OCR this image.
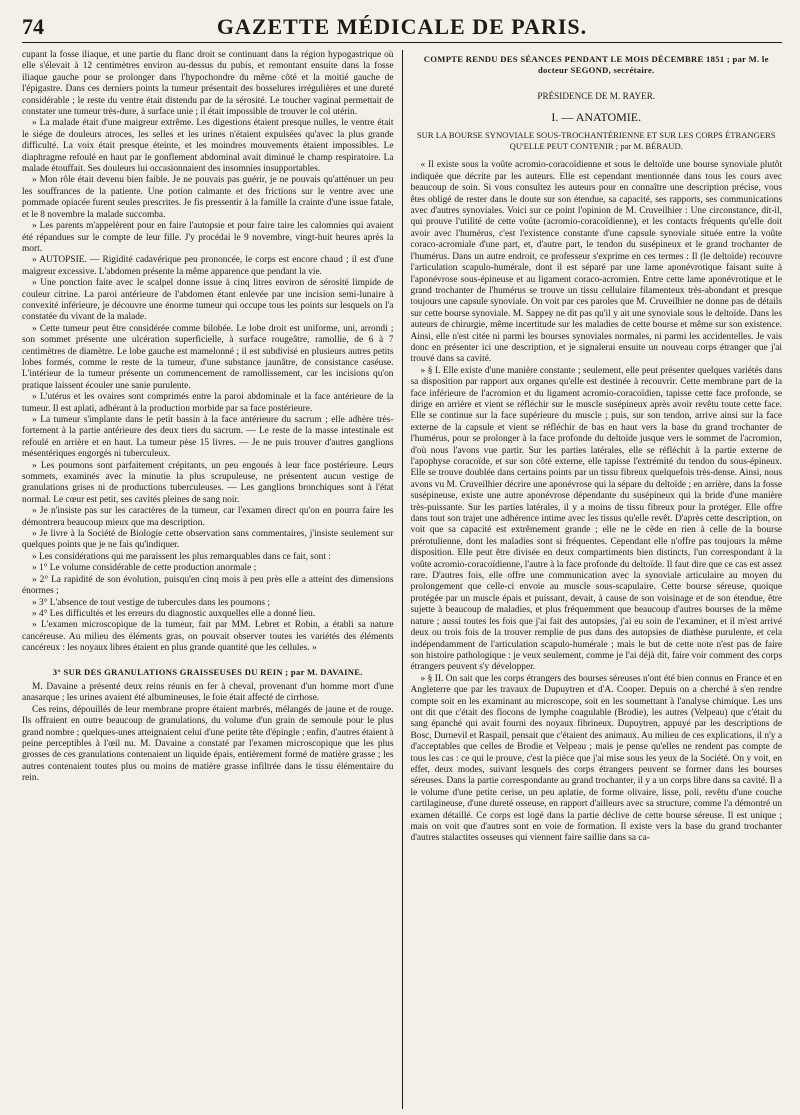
74	GAZETTE MÉDICALE DE PARIS.

cupant la fosse iliaque, et une partie du flanc droit se continuant dans la région hypogastrique où elle s'élevait à 12 centimètres environ au-dessus du pubis, et remontant ensuite dans la fosse iliaque gauche pour se prolonger dans l'hypochondre du même côté et la moitié gauche de l'épigastre. Dans ces derniers points la tumeur présentait des bosselures irrégulières et une dureté considérable ; le reste du ventre était distendu par de la sérosité. Le toucher vaginal permettait de constater une tumeur très-dure, à surface unie ; il était impossible de trouver le col utérin.

» La malade était d'une maigreur extrême. Les digestions étaient presque nulles, le ventre était le siége de douleurs atroces, les selles et les urines n'étaient expulsées qu'avec la plus grande difficulté. La voix était presque éteinte, et les moindres mouvements étaient impossibles. Le diaphragme refoulé en haut par le gonflement abdominal avait diminué le champ respiratoire. La malade étouffait. Ses douleurs lui occasionnaient des insomnies insupportables.

» Mon rôle était devenu bien faible. Je ne pouvais pas guérir, je ne pouvais qu'atténuer un peu les souffrances de la patiente. Une potion calmante et des frictions sur le ventre avec une pommade opiacée furent seules prescrites. Je fis pressentir à la famille la crainte d'une issue fatale, et le 8 novembre la malade succomba.

» Les parents m'appelèrent pour en faire l'autopsie et pour faire taire les calomnies qui avaient été répandues sur le compte de leur fille. J'y procédai le 9 novembre, vingt-huit heures après la mort.

» AUTOPSIE. — Rigidité cadavérique peu prononcée, le corps est encore chaud ; il est d'une maigreur excessive. L'abdomen présente la même apparence que pendant la vie.

» Une ponction faite avec le scalpel donne issue à cinq litres environ de sérosité limpide de couleur citrine. La paroi antérieure de l'abdomen étant enlevée par une incision semi-lunaire à convexité inférieure, je découvre une énorme tumeur qui occupe tous les points sur lesquels on l'a constatée du vivant de la malade.

» Cette tumeur peut être considérée comme bilobée. Le lobe droit est uniforme, uni, arrondi ; son sommet présente une ulcération superficielle, à surface rougeâtre, ramollie, de 6 à 7 centimètres de diamètre. Le lobe gauche est mamelonné ; il est subdivisé en plusieurs autres petits lobes formés, comme le reste de la tumeur, d'une substance jaunâtre, de consistance caséuse. L'intérieur de la tumeur présente un commencement de ramollissement, car les incisions qu'on pratique laissent écouler une sanie purulente.

» L'utérus et les ovaires sont comprimés entre la paroi abdominale et la face antérieure de la tumeur. Il est aplati, adhérant à la production morbide par sa face postérieure.

» La tumeur s'implante dans le petit bassin à la face antérieure du sacrum ; elle adhère très-fortement à la partie antérieure des deux tiers du sacrum. — Le reste de la masse intestinale est refoulé en arrière et en haut. La tumeur pèse 15 livres. — Je ne puis trouver d'autres ganglions mésentériques engorgés ni tuberculeux.

» Les poumons sont parfaitement crépitants, un peu engoués à leur face postérieure. Leurs sommets, examinés avec la minutie la plus scrupuleuse, ne présentent aucun vestige de granulations grises ni de productions tuberculeuses. — Les ganglions bronchiques sont à l'état normal. Le cœur est petit, ses cavités pleines de sang noir.

» Je n'insiste pas sur les caractères de la tumeur, car l'examen direct qu'on en pourra faire les démontrera beaucoup mieux que ma description.

» Je livre à la Société de Biologie cette observation sans commentaires, j'insiste seulement sur quelques points que je ne fais qu'indiquer.

» Les considérations qui me paraissent les plus remarquables dans ce fait, sont :

» 1° Le volume considérable de cette production anormale ;

» 2° La rapidité de son évolution, puisqu'en cinq mois à peu près elle a atteint des dimensions énormes ;

» 3° L'absence de tout vestige de tubercules dans les poumons ;

» 4° Les difficultés et les erreurs du diagnostic auxquelles elle a donné lieu.

» L'examen microscopique de la tumeur, fait par MM. Lebret et Robin, a établi sa nature cancéreuse. Au milieu des éléments gras, on pouvait observer toutes les variétés des éléments cancéreux : les noyaux libres étaient en plus grande quantité que les cellules. »

3° SUR DES GRANULATIONS GRAISSEUSES DU REIN ; par M. DAVAINE.

M. Davaine a présenté deux reins réunis en fer à cheval, provenant d'un homme mort d'une anasarque ; les urines avaient été albumineuses, le foie était affecté de cirrhose.

Ces reins, dépouillés de leur membrane propre étaient marbrés, mélangés de jaune et de rouge. Ils offraient en outre beaucoup de granulations, du volume d'un grain de semoule pour le plus grand nombre ; quelques-unes atteignaient celui d'une petite tête d'épingle ; enfin, d'autres étaient à peine perceptibles à l'œil nu. M. Davaine a constaté par l'examen microscopique que les plus grosses de ces granulations contenaient un liquide épais, entièrement formé de matière grasse ; les autres contenaient toutes plus ou moins de matière grasse infiltrée dans le tissu élémentaire du rein.

COMPTE RENDU DES SÉANCES PENDANT LE MOIS DÉCEMBRE 1851 ; par M. le docteur SEGOND, secrétaire.

PRÉSIDENCE DE M. RAYER.

I. — ANATOMIE.

SUR LA BOURSE SYNOVIALE SOUS-TROCHANTÉRIENNE ET SUR LES CORPS ÉTRANGERS QU'ELLE PEUT CONTENIR ; par M. BÉRAUD.

« Il existe sous la voûte acromio-coracoïdienne et sous le deltoïde une bourse synoviale plutôt indiquée que décrite par les auteurs. Elle est cependant mentionnée dans tous les cours avec beaucoup de soin. Si vous consultez les auteurs pour en connaître une description précise, vous êtes obligé de rester dans le doute sur son étendue, sa capacité, ses rapports, ses communications avec d'autres synoviales. Voici sur ce point l'opinion de M. Cruveilhier : Une circonstance, dit-il, qui prouve l'utilité de cette voûte (acromio-coracoïdienne), et les contacts fréquents qu'elle doit avoir avec l'humérus, c'est l'existence constante d'une capsule synoviale située entre la voûte coraco-acromiale d'une part, et, d'autre part, le tendon du susépineux et le grand trochanter de l'humérus. Dans un autre endroit, ce professeur s'exprime en ces termes : Il (le deltoïde) recouvre l'articulation scapulo-humérale, dont il est séparé par une lame aponévrotique faisant suite à l'aponévrose sous-épineuse et au ligament coraco-acromien. Entre cette lame aponévrotique et le grand trochanter de l'humérus se trouve un tissu cellulaire filamenteux très-abondant et presque toujours une capsule synoviale. On voit par ces paroles que M. Cruveilhier ne donne pas de détails sur cette bourse synoviale. M. Sappey ne dit pas qu'il y ait une synoviale sous le deltoïde. Dans les auteurs de chirurgie, même incertitude sur les maladies de cette bourse et même sur son existence. Ainsi, elle n'est citée ni parmi les bourses synoviales normales, ni parmi les accidentelles. Je vais donc en présenter ici une description, et je signalerai ensuite un nouveau corps étranger que j'ai trouvé dans sa cavité.

» § I. Elle existe d'une manière constante ; seulement, elle peut présenter quelques variétés dans sa disposition par rapport aux organes qu'elle est destinée à recouvrir. Cette membrane part de la face inférieure de l'acromion et du ligament acromio-coracoïdien, tapisse cette face profonde, se dirige en arrière et vient se réfléchir sur le muscle susépineux après avoir revêtu toute cette face. Elle se continue sur la face supérieure du muscle ; puis, sur son tendon, arrive ainsi sur la face externe de la capsule et vient se réfléchir de bas en haut vers la base du grand trochanter de l'humérus, pour se prolonger à la face profonde du deltoïde jusque vers le sommet de l'acromion, d'où nous l'avons vue partir. Sur les parties latérales, elle se réfléchit à la partie externe de l'apophyse coracoïde, et sur son côté externe, elle tapisse l'extrémité du tendon du sous-épineux. Elle se trouve doublée dans certains points par un tissu fibreux quelquefois très-dense. Ainsi, nous avons vu M. Cruveilhier décrire une aponévrose qui la sépare du deltoïde ; en arrière, dans la fosse susépineuse, existe une autre aponévrose dépendante du susépineux qui la bride d'une manière très-puissante. Sur les parties latérales, il y a moins de tissu fibreux pour la protéger. Elle offre dans tout son trajet une adhérence intime avec les tissus qu'elle revêt. D'après cette description, on voit que sa capacité est extrêmement grande ; elle ne le cède en rien à celle de la bourse prérotulienne, dont les maladies sont si fréquentes. Cependant elle n'offre pas toujours la même disposition. Elle peut être divisée en deux compartiments bien distincts, l'un correspondant à la voûte acromio-coracoïdienne, l'autre à la face profonde du deltoïde. Il faut dire que ce cas est assez rare. D'autres fois, elle offre une communication avec la synoviale articulaire au moyen du prolongement que celle-ci envoie au muscle sous-scapulaire. Cette bourse séreuse, quoique protégée par un muscle épais et puissant, devait, à cause de son voisinage et de son étendue, être sujette à beaucoup de maladies, et plus fréquemment que beaucoup d'autres bourses de la même nature ; aussi toutes les fois que j'ai fait des autopsies, j'ai eu soin de l'examiner, et il m'est arrivé deux ou trois fois de la trouver remplie de pus dans des autopsies de diathèse purulente, et cela indépendamment de l'articulation scapulo-humérale ; mais le but de cette note n'est pas de faire son histoire pathologique : je veux seulement, comme je l'ai déjà dit, faire voir comment des corps étrangers peuvent s'y développer.

» § II. On sait que les corps étrangers des bourses séreuses n'ont été bien connus en France et en Angleterre que par les travaux de Dupuytren et d'A. Cooper. Depuis on a cherché à s'en rendre compte soit en les examinant au microscope, soit en les soumettant à l'analyse chimique. Les uns ont dit que c'était des flocons de lymphe coagulable (Brodie), les autres (Velpeau) que c'était du sang épanché qui avait fourni des noyaux fibrineux. Dupuytren, appuyé par les descriptions de Bosc, Durnevil et Raspail, pensait que c'étaient des animaux. Au milieu de ces explications, il n'y a d'acceptables que celles de Brodie et Velpeau ; mais je pense qu'elles ne rendent pas compte de tous les cas : ce qui le prouve, c'est la pièce que j'ai mise sous les yeux de la Société. On y voit, en effet, deux modes, suivant lesquels des corps étrangers peuvent se former dans les bourses séreuses. Dans la partie correspondante au grand trochanter, il y a un corps libre dans sa cavité. Il a le volume d'une petite cerise, un peu aplatie, de forme olivaire, lisse, poli, revêtu d'une couche cartilagineuse, d'une dureté osseuse, en rapport d'ailleurs avec sa structure, comme l'a démontré un examen détaillé. Ce corps est logé dans la partie déclive de cette bourse séreuse. Il est unique ; mais on voit que d'autres sont en voie de formation. Il existe vers la base du grand trochanter d'autres stalactites osseuses qui viennent faire saillie dans sa ca-
